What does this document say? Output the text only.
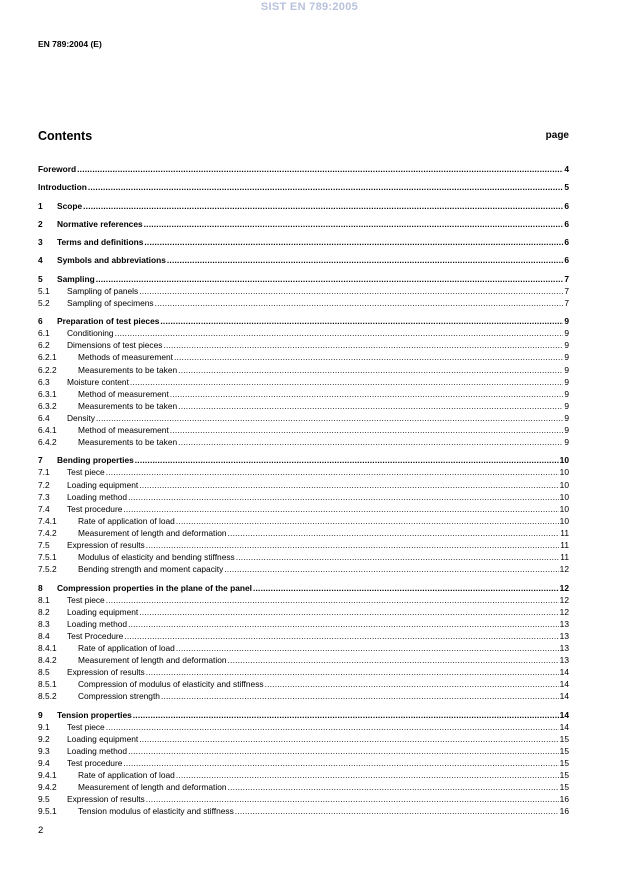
SIST EN 789:2005
EN 789:2004 (E)
Contents	page
Foreword .....	4
Introduction .....	5
1 Scope .....	6
2 Normative references .....	6
3 Terms and definitions .....	6
4 Symbols and abbreviations .....	6
5 Sampling .....	7
5.1 Sampling of panels .....	7
5.2 Sampling of specimens .....	7
6 Preparation of test pieces .....	9
6.1 Conditioning .....	9
6.2 Dimensions of test pieces .....	9
6.2.1	Methods of measurement .....	9
6.2.2	Measurements to be taken .....	9
6.3 Moisture content .....	9
6.3.1	Method of measurement .....	9
6.3.2	Measurements to be taken .....	9
6.4 Density .....	9
6.4.1	Method of measurement .....	9
6.4.2	Measurements to be taken .....	9
7 Bending properties .....	10
7.1 Test piece .....	10
7.2 Loading equipment .....	10
7.3 Loading method .....	10
7.4 Test procedure .....	10
7.4.1	Rate of application of load .....	10
7.4.2	Measurement of length and deformation .....	11
7.5 Expression of results .....	11
7.5.1	Modulus of elasticity and bending stiffness .....	11
7.5.2	Bending strength and moment capacity .....	12
8 Compression properties in the plane of the panel .....	12
8.1 Test piece .....	12
8.2 Loading equipment .....	12
8.3 Loading method .....	13
8.4 Test Procedure .....	13
8.4.1	Rate of application of load .....	13
8.4.2	Measurement of length and deformation .....	13
8.5 Expression of results .....	14
8.5.1	Compression of modulus of elasticity and stiffness .....	14
8.5.2	Compression strength .....	14
9 Tension properties .....	14
9.1 Test piece .....	14
9.2 Loading equipment .....	15
9.3 Loading method .....	15
9.4 Test procedure .....	15
9.4.1	Rate of application of load .....	15
9.4.2	Measurement of length and deformation .....	15
9.5 Expression of results .....	16
9.5.1	Tension modulus of elasticity and stiffness .....	16
2
